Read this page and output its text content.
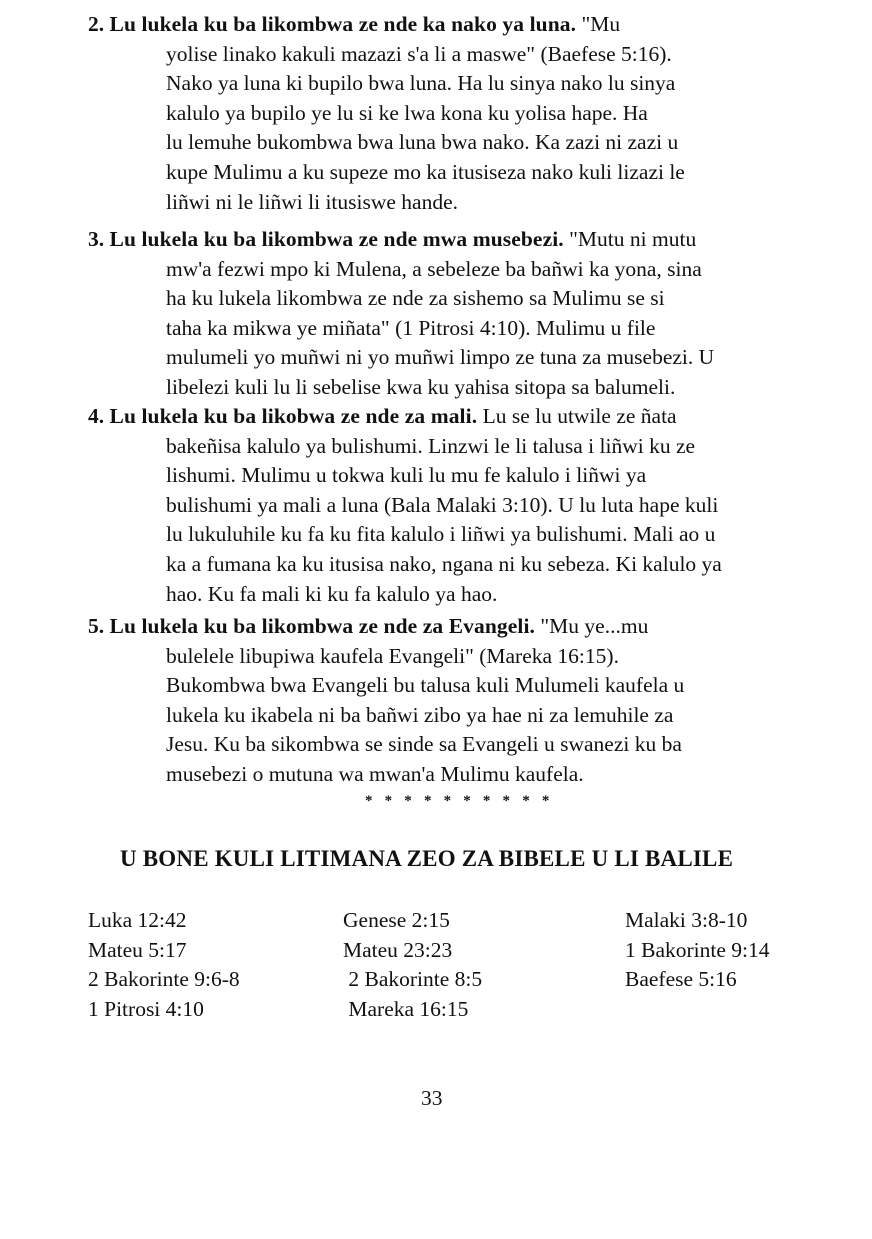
2. Lu lukela ku ba likombwa ze nde ka nako ya luna. "Mu
yolise linako kakuli mazazi s'a li a maswe" (Baefese 5:16).
Nako ya luna ki bupilo bwa luna. Ha lu sinya nako lu sinya
kalulo ya bupilo ye lu si ke lwa kona ku yolisa hape. Ha
lu lemuhe bukombwa bwa luna bwa nako. Ka zazi ni zazi u
kupe Mulimu a ku supeze mo ka itusiseza nako kuli lizazi le
liñwi ni le liñwi li itusiswe hande.
3. Lu lukela ku ba likombwa ze nde mwa musebezi. "Mutu ni mutu
mw'a fezwi mpo ki Mulena, a sebeleze ba bañwi ka yona, sina
ha ku lukela likombwa ze nde za sishemo sa Mulimu se si
taha ka mikwa ye miñata" (1 Pitrosi 4:10). Mulimu u file
mulumeli yo muñwi ni yo muñwi limpo ze tuna za musebezi. U
libelezi kuli lu li sebelise kwa ku yahisa sitopa sa balumeli.
4. Lu lukela ku ba likobwa ze nde za mali. Lu se lu utwile ze ñata
bakeñisa kalulo ya bulishumi. Linzwi le li talusa i liñwi ku ze
lishumi. Mulimu u tokwa kuli lu mu fe kalulo i liñwi ya
bulishumi ya mali a luna (Bala Malaki 3:10). U lu luta hape kuli
lu lukuluhile ku fa ku fita kalulo i liñwi ya bulishumi. Mali ao u
ka a fumana ka ku itusisa nako, ngana ni ku sebeza. Ki kalulo ya
hao. Ku fa mali ki ku fa kalulo ya hao.
5. Lu lukela ku ba likombwa ze nde za Evangeli. "Mu ye...mu
bulelele libupiwa kaufela Evangeli" (Mareka 16:15).
Bukombwa bwa Evangeli bu talusa kuli Mulumeli kaufela u
lukela ku ikabela ni ba bañwi zibo ya hae ni za lemuhile za
Jesu. Ku ba sikombwa se sinde sa Evangeli u swanezi ku ba
musebezi o mutuna wa mwan'a Mulimu kaufela.
* * * * * * * * * *
U BONE KULI LITIMANA ZEO ZA BIBELE U LI BALILE
Luka 12:42
Mateu 5:17
2 Bakorinte 9:6-8
1 Pitrosi 4:10
Genese 2:15
Mateu 23:23
2 Bakorinte 8:5
Mareka 16:15
Malaki 3:8-10
1 Bakorinte 9:14
Baefese 5:16
33
